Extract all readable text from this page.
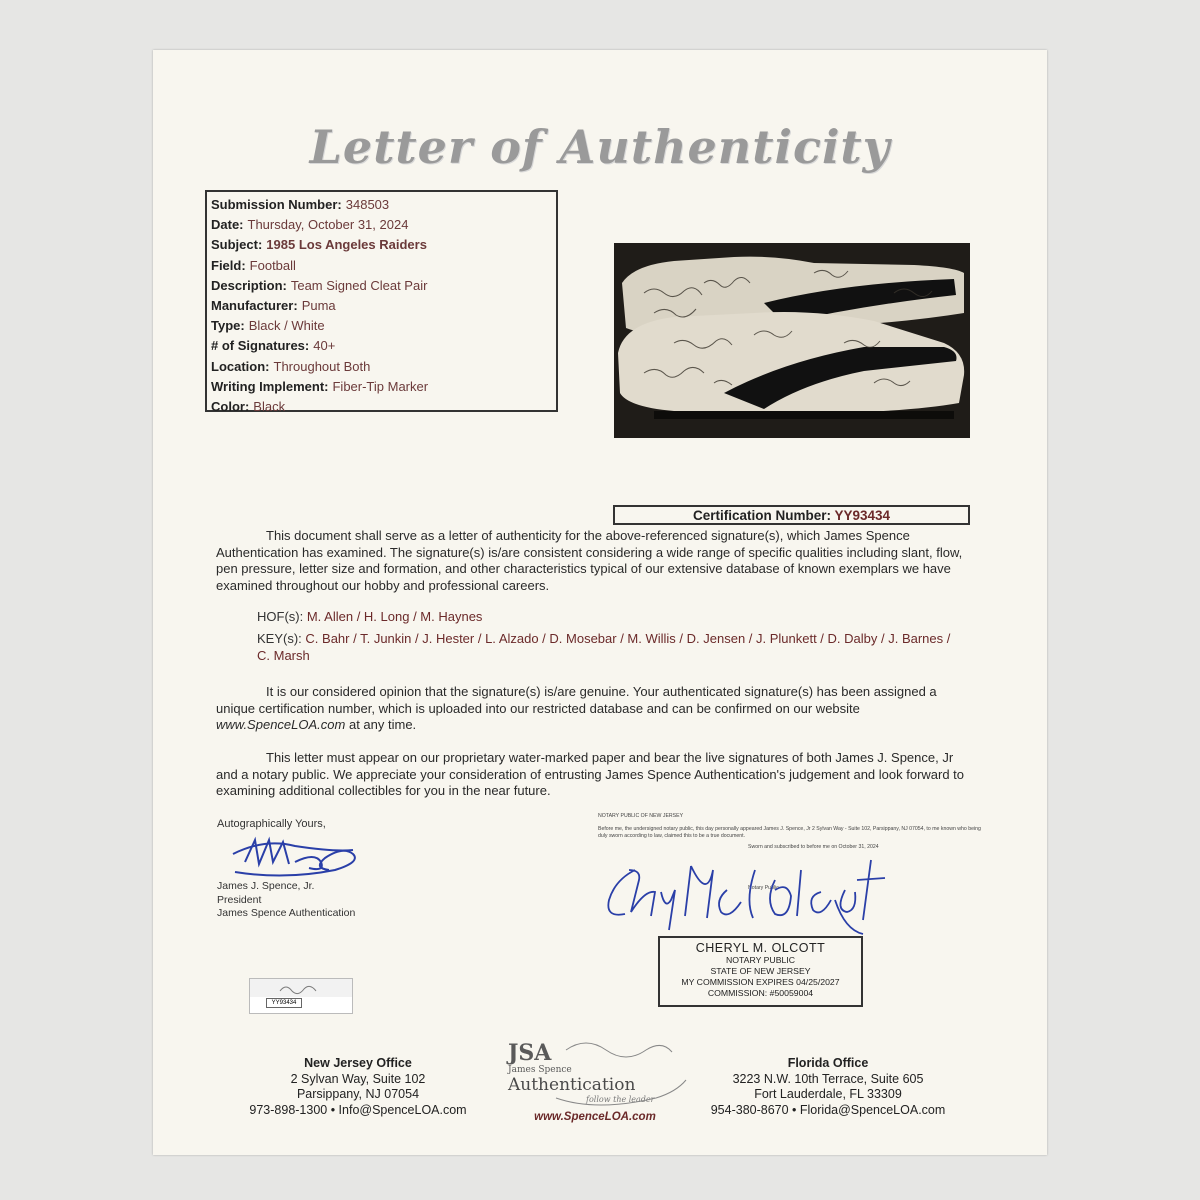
Letter of Authenticity
Submission Number: 348503
Date: Thursday, October 31, 2024
Subject: 1985 Los Angeles Raiders
Field: Football
Description: Team Signed Cleat Pair
Manufacturer: Puma
Type: Black / White
# of Signatures: 40+
Location: Throughout Both
Writing Implement: Fiber-Tip Marker
Color: Black
Certification Number: YY93434
This document shall serve as a letter of authenticity for the above-referenced signature(s), which James Spence Authentication has examined. The signature(s) is/are consistent considering a wide range of specific qualities including slant, flow, pen pressure, letter size and formation, and other characteristics typical of our extensive database of known exemplars we have examined throughout our hobby and professional careers.
HOF(s): M. Allen / H. Long / M. Haynes
KEY(s): C. Bahr / T. Junkin / J. Hester / L. Alzado / D. Mosebar / M. Willis / D. Jensen / J. Plunkett / D. Dalby / J. Barnes / C. Marsh
It is our considered opinion that the signature(s) is/are genuine. Your authenticated signature(s) has been assigned a unique certification number, which is uploaded into our restricted database and can be confirmed on our website www.SpenceLOA.com at any time.
This letter must appear on our proprietary water-marked paper and bear the live signatures of both James J. Spence, Jr and a notary public. We appreciate your consideration of entrusting James Spence Authentication's judgement and look forward to examining additional collectibles for you in the near future.
Autographically Yours,
James J. Spence, Jr.
President
James Spence Authentication
NOTARY PUBLIC OF NEW JERSEY
Before me, the undersigned notary public, this day personally appeared James J. Spence, Jr 2 Sylvan Way - Suite 102, Parsippany, NJ 07054, to me known who being duly sworn according to law, claimed this to be a true document.
Sworn and subscribed to before me on October 31, 2024
Notary Public
CHERYL M. OLCOTT
NOTARY PUBLIC
STATE OF NEW JERSEY
MY COMMISSION EXPIRES 04/25/2027
COMMISSION: #50059004
YY93434
New Jersey Office
2 Sylvan Way, Suite 102
Parsippany, NJ 07054
973-898-1300 • Info@SpenceLOA.com
JSA
James Spence
Authentication
follow the leader
www.SpenceLOA.com
Florida Office
3223 N.W. 10th Terrace, Suite 605
Fort Lauderdale, FL 33309
954-380-8670 • Florida@SpenceLOA.com
